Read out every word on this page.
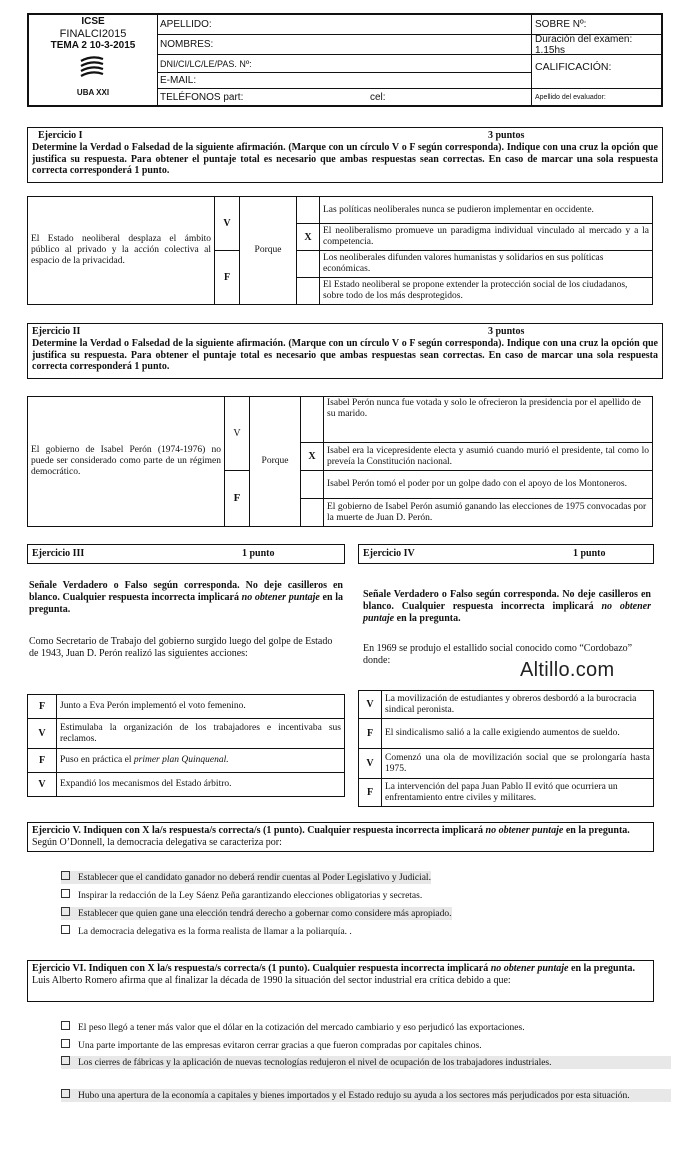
ICSE
FINALCI2015
TEMA 2 10-3-2015
UBA XXI
APELLIDO:
NOMBRES:
DNI/CI/LC/LE/PAS. Nº:
E-MAIL:
TELÉFONOS part:	cel:
SOBRE Nº:
Duración del examen: 1.15hs
CALIFICACIÓN:
Apellido del evaluador:
Ejercicio I	3 puntos
Determine la Verdad o Falsedad de la siguiente afirmación. (Marque con un círculo V o F según corresponda). Indique con una cruz la opción que justifica su respuesta. Para obtener el puntaje total es necesario que ambas respuestas sean correctas. En caso de marcar una sola respuesta correcta corresponderá 1 punto.
El Estado neoliberal desplaza el ámbito público al privado y la acción colectiva al espacio de la privacidad.	V	Porque		Las políticas neoliberales nunca se pudieron implementar en occidente.
			X	El neoliberalismo promueve un paradigma individual vinculado al mercado y a la competencia.
	F			Los neoliberales difunden valores humanistas y solidarios en sus políticas económicas.
				El Estado neoliberal se propone extender la protección social de los ciudadanos, sobre todo de los más desprotegidos.
Ejercicio II	3 puntos
Determine la Verdad o Falsedad de la siguiente afirmación. (Marque con un círculo V o F según corresponda). Indique con una cruz la opción que justifica su respuesta. Para obtener el puntaje total es necesario que ambas respuestas sean correctas. En caso de marcar una sola respuesta correcta corresponderá 1 punto.
El gobierno de Isabel Perón (1974-1976) no puede ser considerado como parte de un régimen democrático.	V	Porque		Isabel Perón nunca fue votada y solo le ofrecieron la presidencia por el apellido de su marido.
			X	Isabel era la vicepresidente electa y asumió cuando murió el presidente, tal como lo preveía la Constitución nacional.
	F			Isabel Perón tomó el poder por un golpe dado con el apoyo de los Montoneros.
				El gobierno de Isabel Perón asumió ganando las elecciones de 1975 convocadas por la muerte de Juan D. Perón.
Ejercicio III	1 punto
Señale Verdadero o Falso según corresponda. No deje casilleros en blanco. Cualquier respuesta incorrecta implicará no obtener puntaje en la pregunta.
Como Secretario de Trabajo del gobierno surgido luego del golpe de Estado de 1943, Juan D. Perón realizó las siguientes acciones:
F	Junto a Eva Perón implementó el voto femenino.
V	Estimulaba la organización de los trabajadores e incentivaba sus reclamos.
F	Puso en práctica el primer plan Quinquenal.
V	Expandió los mecanismos del Estado árbitro.
Ejercicio IV	1 punto
Señale Verdadero o Falso según corresponda. No deje casilleros en blanco. Cualquier respuesta incorrecta implicará no obtener puntaje en la pregunta.
En 1969 se produjo el estallido social conocido como “Cordobazo” donde:	Altillo.com
V	La movilización de estudiantes y obreros desbordó a la burocracia sindical peronista.
F	El sindicalismo salió a la calle exigiendo aumentos de sueldo.
V	Comenzó una ola de movilización social que se prolongaría hasta 1975.
F	La intervención del papa Juan Pablo II evitó que ocurriera un enfrentamiento entre civiles y militares.
Ejercicio V. Indiquen con X la/s respuesta/s correcta/s (1 punto). Cualquier respuesta incorrecta implicará no obtener puntaje en la pregunta. Según O’Donnell, la democracia delegativa se caracteriza por:
Establecer que el candidato ganador no deberá rendir cuentas al Poder Legislativo y Judicial.
Inspirar la redacción de la Ley Sáenz Peña garantizando elecciones obligatorias y secretas.
Establecer que quien gane una elección tendrá derecho a gobernar como considere más apropiado.
La democracia delegativa es la forma realista de llamar a la poliarquía. .
Ejercicio VI. Indiquen con X la/s respuesta/s correcta/s (1 punto). Cualquier respuesta incorrecta implicará no obtener puntaje en la pregunta. Luis Alberto Romero afirma que al finalizar la década de 1990 la situación del sector industrial era crítica debido a que:
El peso llegó a tener más valor que el dólar en la cotización del mercado cambiario y eso perjudicó las exportaciones.
Una parte importante de las empresas evitaron cerrar gracias a que fueron compradas por capitales chinos.
Los cierres de fábricas y la aplicación de nuevas tecnologías redujeron el nivel de ocupación de los trabajadores industriales.
Hubo una apertura de la economía a capitales y bienes importados y el Estado redujo su ayuda a los sectores más perjudicados por esta situación.
